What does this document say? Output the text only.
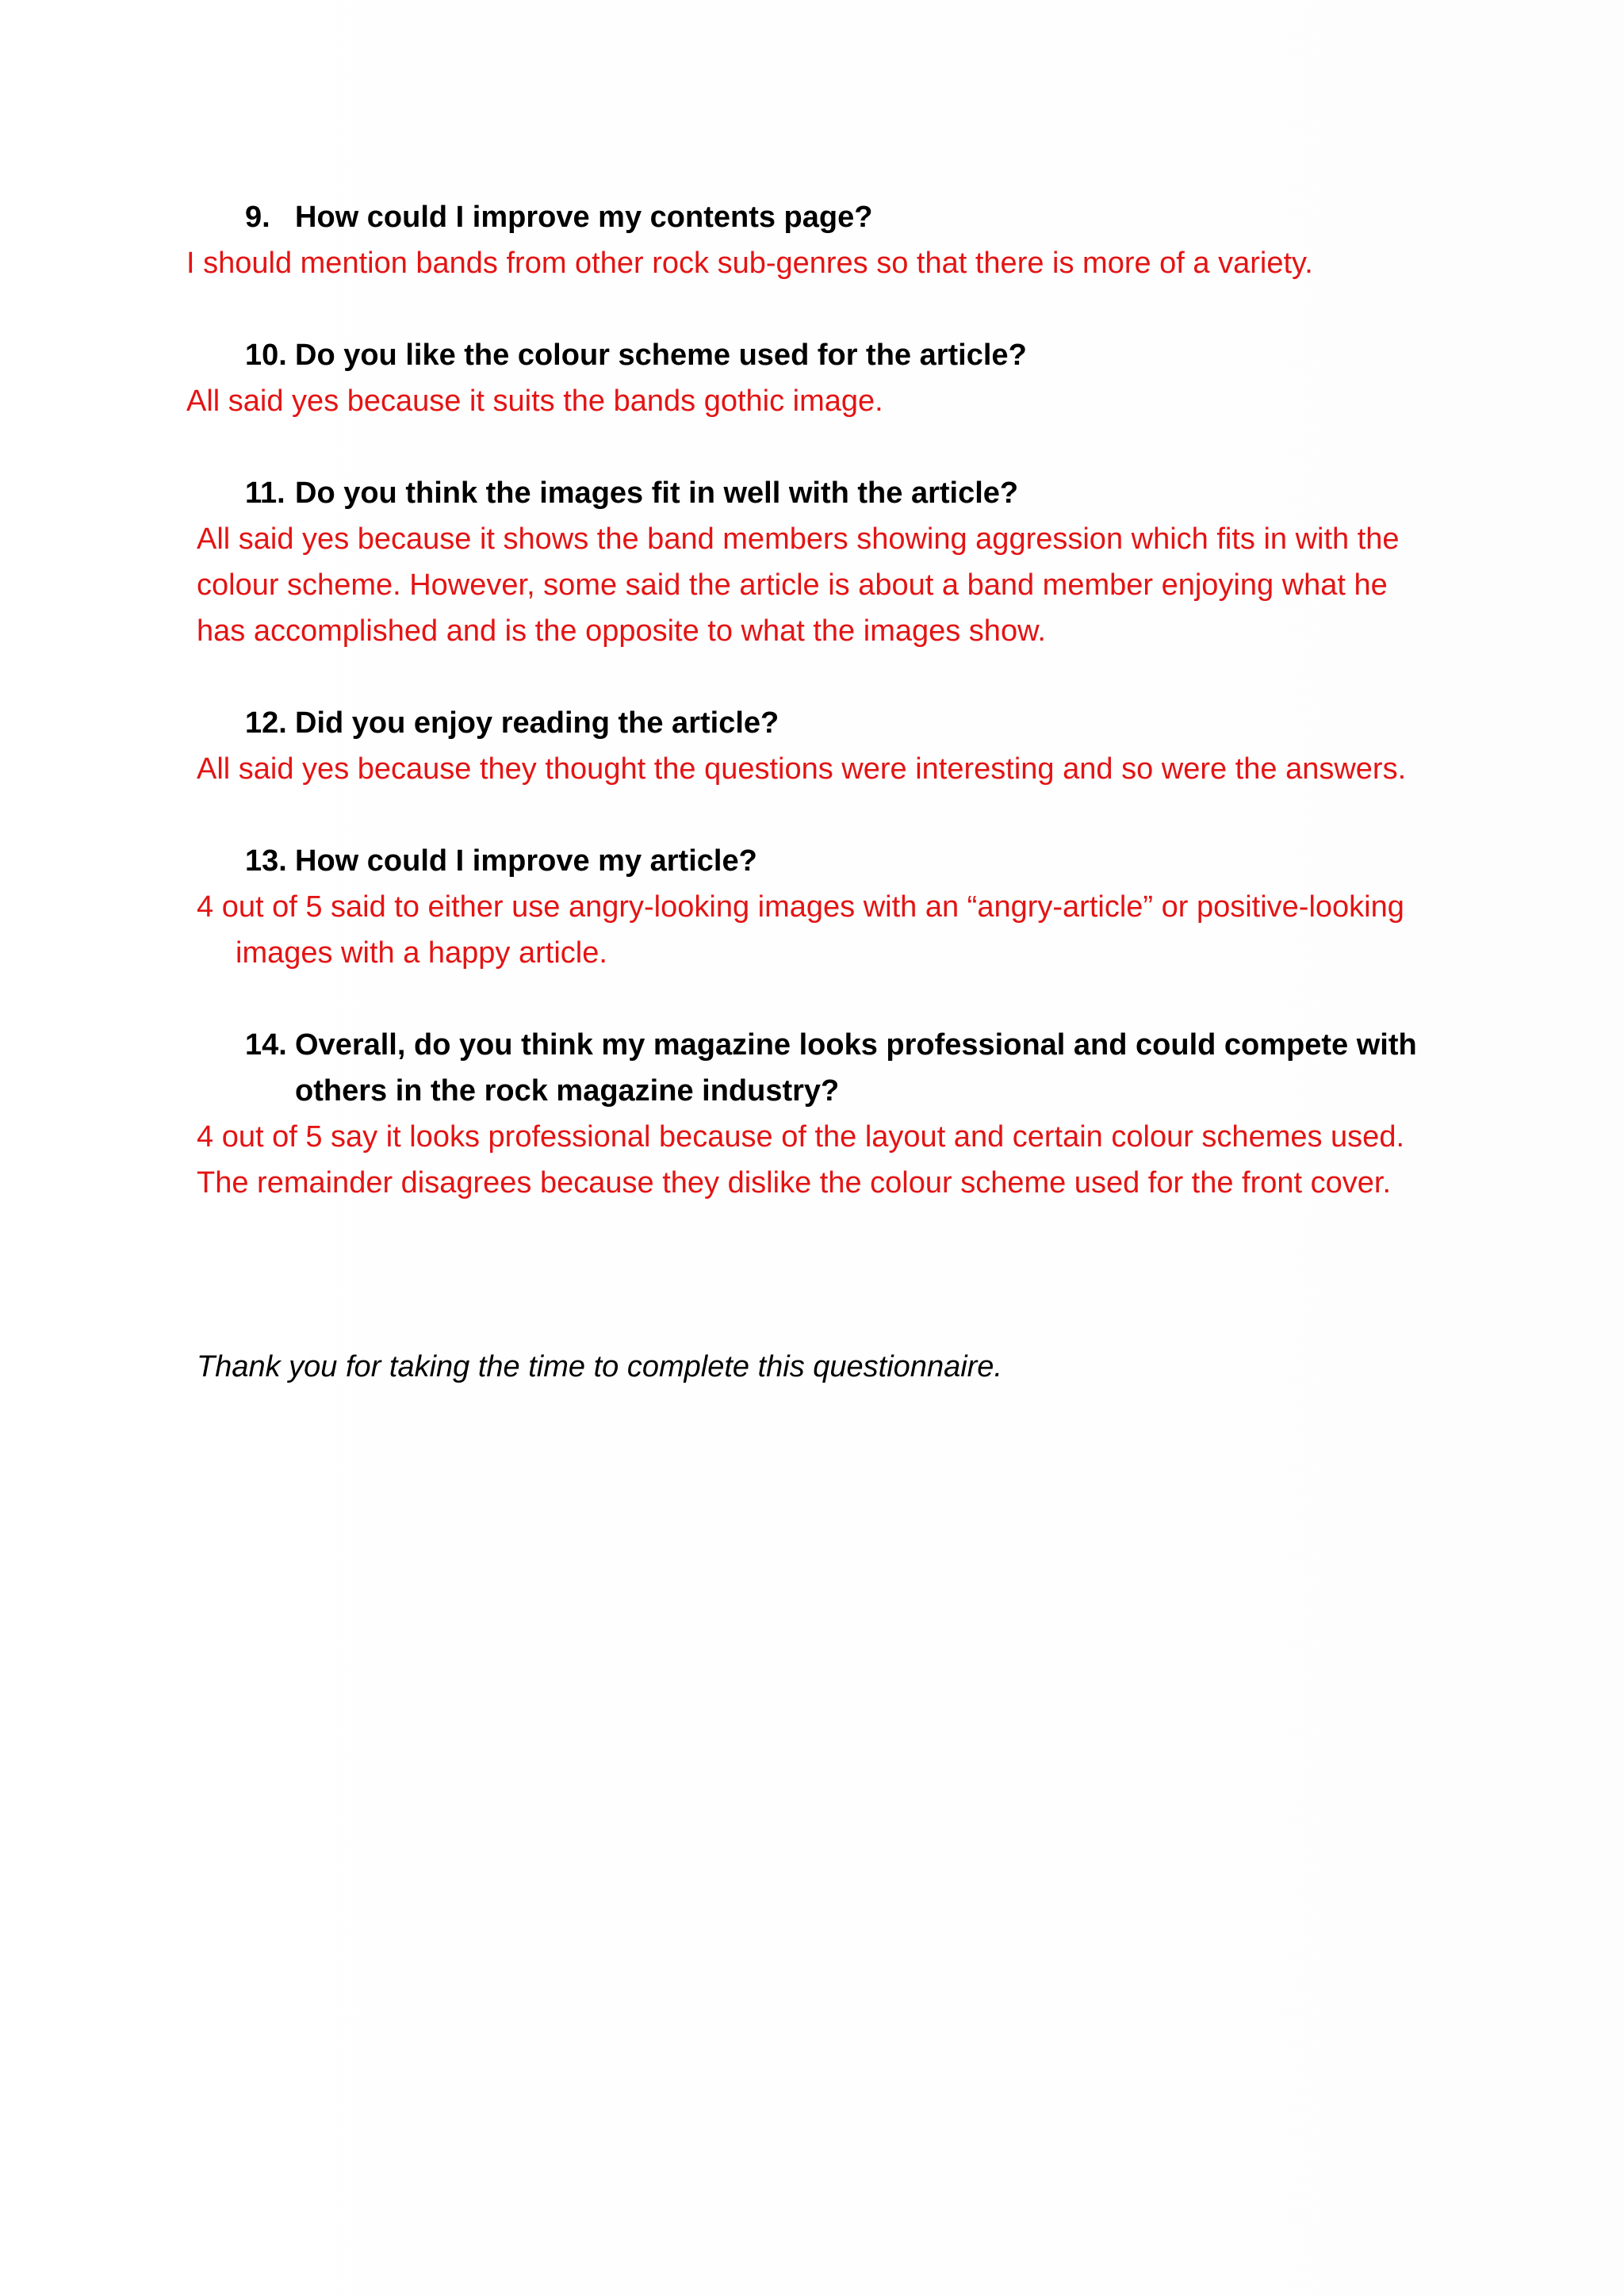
9. How could I improve my contents page?
I should mention bands from other rock sub-genres so that there is more of a variety.
10. Do you like the colour scheme used for the article?
All said yes because it suits the bands gothic image.
11. Do you think the images fit in well with the article?
All said yes because it shows the band members showing aggression which fits in with the
colour scheme. However, some said the article is about a band member enjoying what he
has accomplished and is the opposite to what the images show.
12. Did you enjoy reading the article?
All said yes because they thought the questions were interesting and so were the answers.
13. How could I improve my article?
4 out of 5 said to either use angry-looking images with an “angry-article” or positive-looking
images with a happy article.
14. Overall, do you think my magazine looks professional and could compete with
others in the rock magazine industry?
4 out of 5 say it looks professional because of the layout and certain colour schemes used.
The remainder disagrees because they dislike the colour scheme used for the front cover.
Thank you for taking the time to complete this questionnaire.
